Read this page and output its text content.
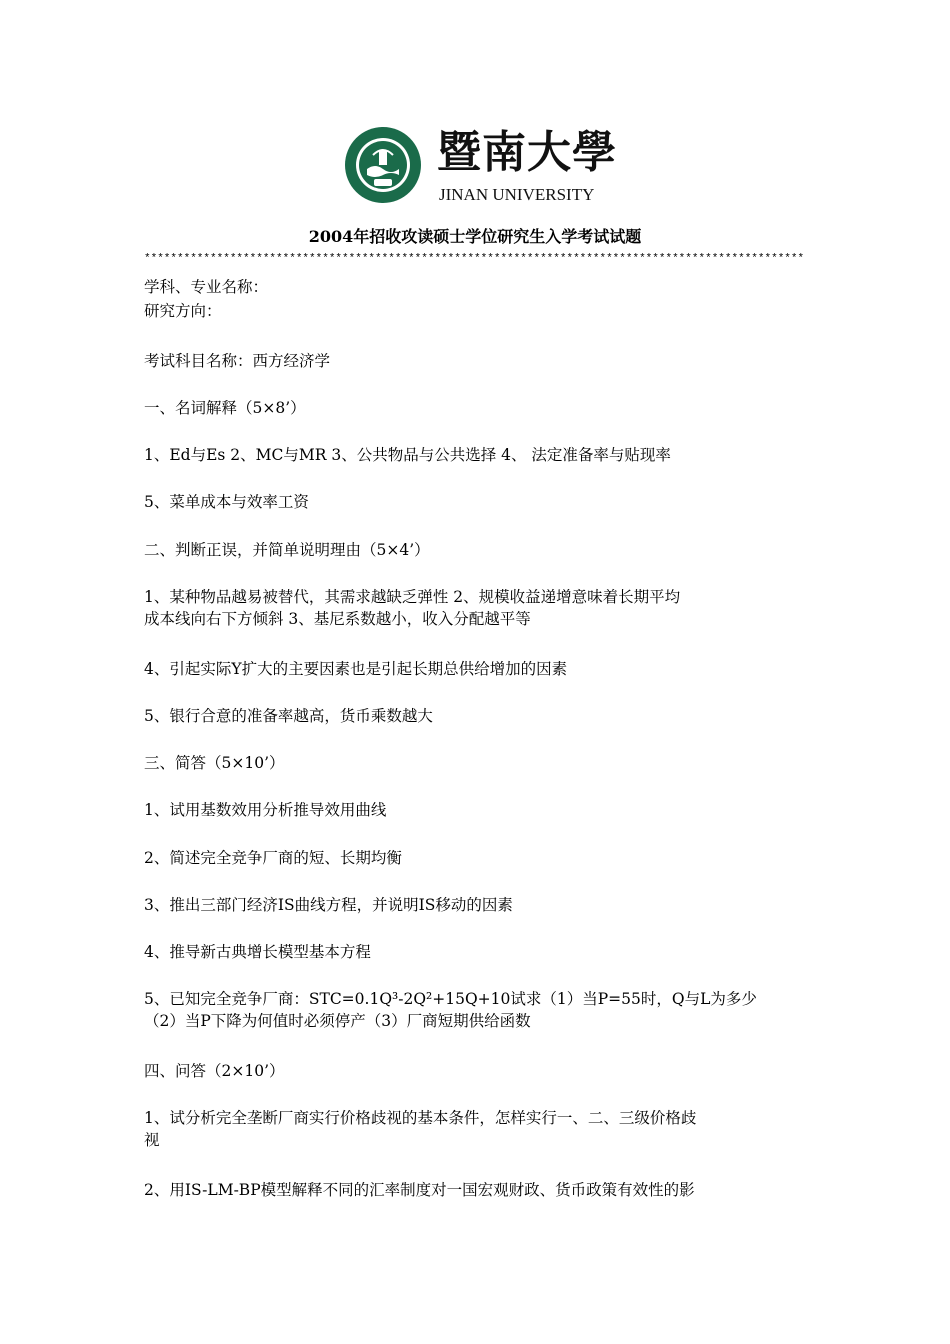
暨南大學
JINAN UNIVERSITY
2004年招收攻读硕士学位研究生入学考试试题
****************************************************************************************************
学科、专业名称：
研究方向：
考试科目名称：西方经济学
一、名词解释（5×8’）
1、Ed与Es 2、MC与MR 3、公共物品与公共选择 4、 法定准备率与贴现率
5、菜单成本与效率工资
二、判断正误，并简单说明理由（5×4’）
1、某种物品越易被替代，其需求越缺乏弹性 2、规模收益递增意味着长期平均
成本线向右下方倾斜 3、基尼系数越小，收入分配越平等
4、引起实际Y扩大的主要因素也是引起长期总供给增加的因素
5、银行合意的准备率越高，货币乘数越大
三、简答（5×10’）
1、试用基数效用分析推导效用曲线
2、简述完全竞争厂商的短、长期均衡
3、推出三部门经济IS曲线方程，并说明IS移动的因素
4、推导新古典增长模型基本方程
5、已知完全竞争厂商：STC=0.1Q³-2Q²+15Q+10试求（1）当P=55时，Q与L为多少
（2）当P下降为何值时必须停产（3）厂商短期供给函数
四、问答（2×10’）
1、试分析完全垄断厂商实行价格歧视的基本条件，怎样实行一、二、三级价格歧
视
2、用IS-LM-BP模型解释不同的汇率制度对一国宏观财政、货币政策有效性的影
